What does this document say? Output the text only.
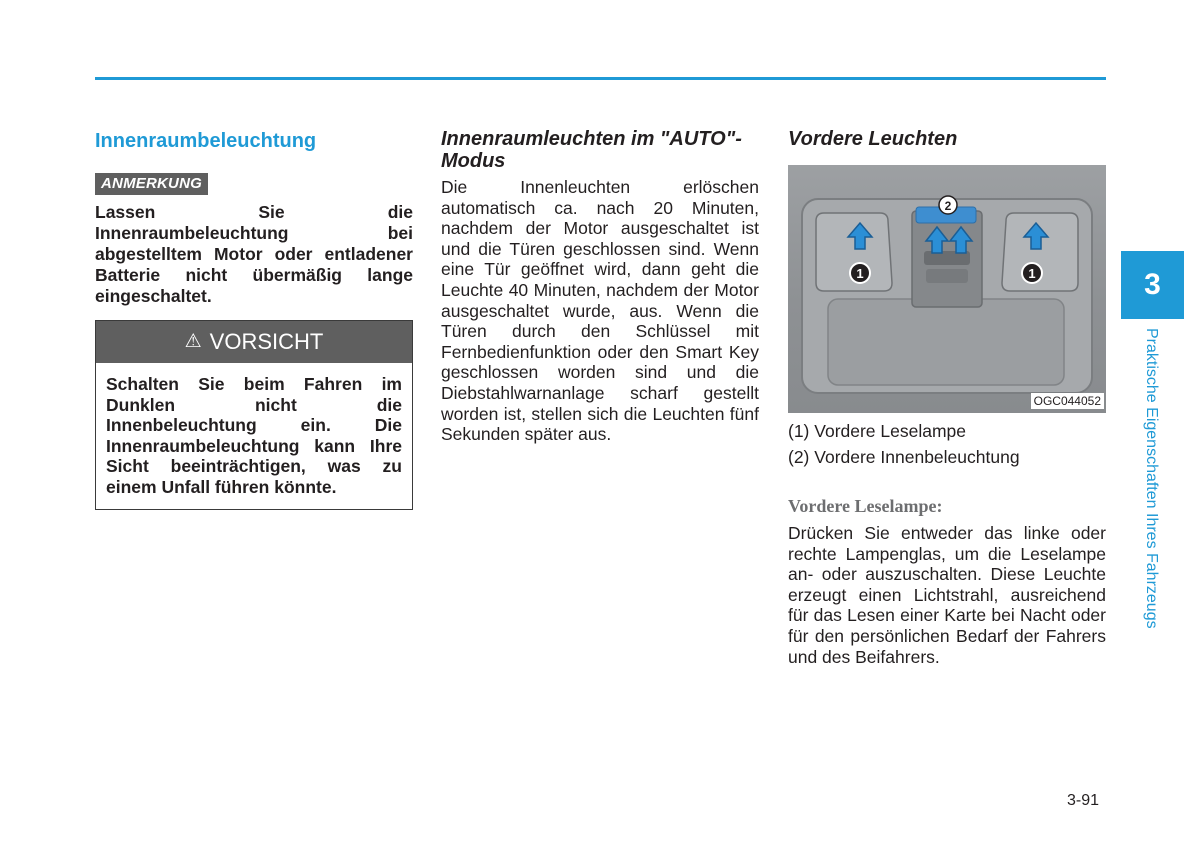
Innenraumbeleuchtung
ANMERKUNG
Lassen Sie die Innenraumbeleuchtung bei abgestelltem Motor oder entladener Batterie nicht übermäßig lange eingeschaltet.
⚠ VORSICHT
Schalten Sie beim Fahren im Dunklen nicht die Innenbeleuchtung ein. Die Innenraumbeleuchtung kann Ihre Sicht beeinträchtigen, was zu einem Unfall führen könnte.
Innenraumleuchten im "AUTO"-Modus
Die Innenleuchten erlöschen automatisch ca. nach 20 Minuten, nachdem der Motor ausgeschaltet ist und die Türen geschlossen sind. Wenn eine Tür geöffnet wird, dann geht die Leuchte 40 Minuten, nachdem der Motor ausgeschaltet wurde, aus. Wenn die Türen durch den Schlüssel mit Fernbedienfunktion oder den Smart Key geschlossen worden sind und die Diebstahlwarnanlage scharf gestellt worden ist, stellen sich die Leuchten fünf Sekunden später aus.
Vordere Leuchten
1
2
1
OGC044052
(1) Vordere Leselampe
(2) Vordere Innenbeleuchtung
Vordere Leselampe:
Drücken Sie entweder das linke oder rechte Lampenglas, um die Leselampe an- oder auszuschalten. Diese Leuchte erzeugt einen Lichtstrahl, ausreichend für das Lesen einer Karte bei Nacht oder für den persönlichen Bedarf der Fahrers und des Beifahrers.
3
Praktische Eigenschaften Ihres Fahrzeugs
3-91
